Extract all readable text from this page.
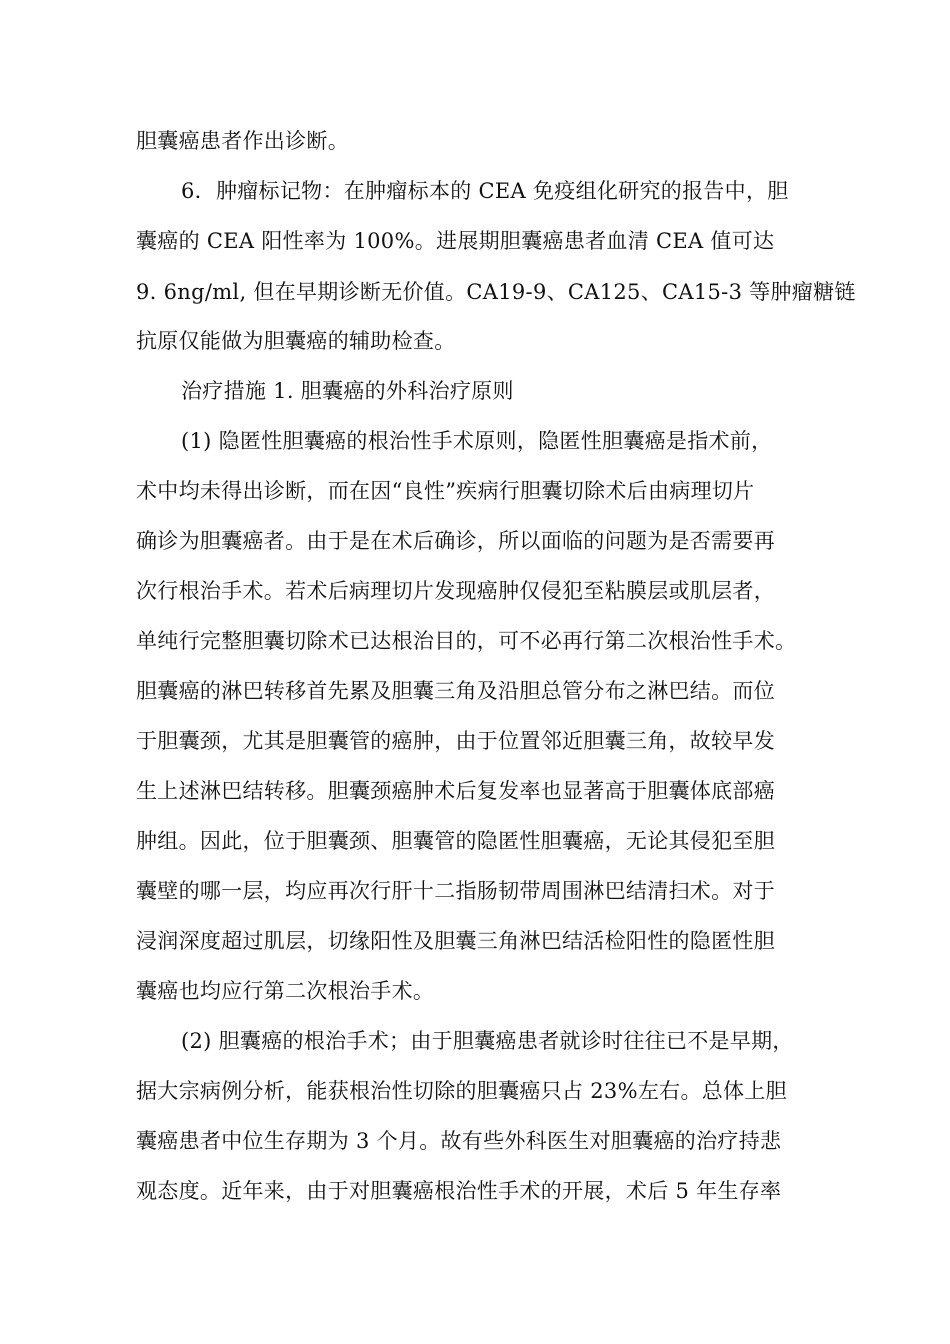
胆囊癌患者作出诊断。
6．肿瘤标记物：在肿瘤标本的 CEA 免疫组化研究的报告中，胆
囊癌的 CEA 阳性率为 100%。进展期胆囊癌患者血清 CEA 值可达
9. 6ng/ml, 但在早期诊断无价值。CA19-9、CA125、CA15-3 等肿瘤糖链
抗原仅能做为胆囊癌的辅助检查。
治疗措施 1. 胆囊癌的外科治疗原则
(1) 隐匿性胆囊癌的根治性手术原则，隐匿性胆囊癌是指术前，
术中均未得出诊断，而在因“良性”疾病行胆囊切除术后由病理切片
确诊为胆囊癌者。由于是在术后确诊，所以面临的问题为是否需要再
次行根治手术。若术后病理切片发现癌肿仅侵犯至粘膜层或肌层者，
单纯行完整胆囊切除术已达根治目的，可不必再行第二次根治性手术。
胆囊癌的淋巴转移首先累及胆囊三角及沿胆总管分布之淋巴结。而位
于胆囊颈，尤其是胆囊管的癌肿，由于位置邻近胆囊三角，故较早发
生上述淋巴结转移。胆囊颈癌肿术后复发率也显著高于胆囊体底部癌
肿组。因此，位于胆囊颈、胆囊管的隐匿性胆囊癌，无论其侵犯至胆
囊壁的哪一层，均应再次行肝十二指肠韧带周围淋巴结清扫术。对于
浸润深度超过肌层，切缘阳性及胆囊三角淋巴结活检阳性的隐匿性胆
囊癌也均应行第二次根治手术。
(2) 胆囊癌的根治手术；由于胆囊癌患者就诊时往往已不是早期，
据大宗病例分析，能获根治性切除的胆囊癌只占 23%左右。总体上胆
囊癌患者中位生存期为 3 个月。故有些外科医生对胆囊癌的治疗持悲
观态度。近年来，由于对胆囊癌根治性手术的开展，术后 5 年生存率
